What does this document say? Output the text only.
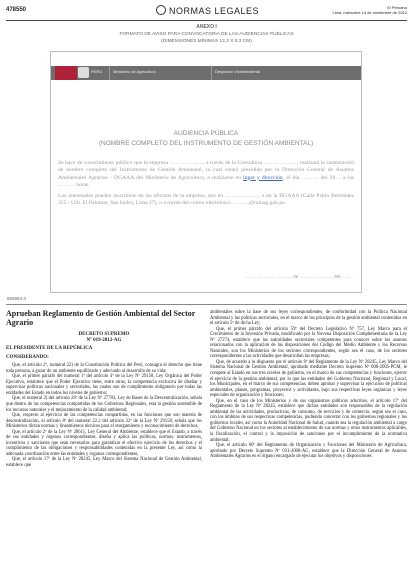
478550	NORMAS LEGALES	El Peruano
Lima, miércoles 14 de noviembre de 2012
ANEXO I
FORMATO DE AVISO PARA CONVOCATORIA DE LAS AUDIENCIAS PÚBLICAS
(DIMENSIONES MÍNIMAS 12.2 X 8.3 CM)
PERÚ	Ministerio de Agricultura	Despacho Viceministerial
AUDIENCIA PÚBLICA
(NOMBRE COMPLETO DEL INSTRUMENTO DE GESTIÓN AMBIENTAL)

Se hace de conocimiento público que la empresa ………………, a través de la Consultora ………………, realizará la sustentación de nombre completo del Instrumento de Gestión Ambiental, la cual estará presidida por la Dirección General de Asuntos Ambientales Agrarios - DGAAA del Ministerio de Agricultura, a realizarse en lugar y dirección, el día ……… del 20… a las ……… horas.

Los interesados pueden inscribirse en las oficinas de la empresa, sito en ………………, o en la DGAAA (Calle Pablo Bermúdez 355 - Urb. El Palomar, San Isidro, Lima 27), o a través del correo electrónico ………@minag.gob.pe.

……………, ……… de ……………… del ……
855953-3

Aprueban Reglamento de Gestión Ambiental del Sector Agrario

DECRETO SUPREMO

Nº 019-2012-AG

EL PRESIDENTE DE LA REPÚBLICA

CONSIDERANDO:

Que, el artículo 2º, numeral 22) de la Constitución Política del Perú, consagra el derecho que tiene toda persona, a gozar de un ambiente equilibrado y adecuado al desarrollo de su vida;

Que, el primer párrafo del numeral 1º del artículo 4º de la Ley Nº 29158, Ley Orgánica del Poder Ejecutivo, establece que el Poder Ejecutivo tiene, entre otras, la competencia exclusiva de diseñar y supervisar políticas nacionales y sectoriales, las cuales son de cumplimiento obligatorio por todas las entidades del Estado en todos los niveles de gobierno;

Que, el numeral 2) del artículo 26º de la Ley Nº 27783, Ley de Bases de la Descentralización, señala que dentro de las competencias compartidas de los Gobiernos Regionales, está la gestión sostenible de los recursos naturales y el mejoramiento de la calidad ambiental;

Que, respecto al ejercicio de las competencias compartidas, en las funciones que son materia de descentralización, el artículo 8º del numeral 22.2 del artículo 22º de la Ley Nº 29158, señala que los Ministerios dictan normas y lineamientos técnicos para el otorgamiento y reconocimiento de derechos;

Que, el artículo 2º de la Ley Nº 28611, Ley General del Ambiente, establece que el Estado, a través de sus entidades y órganos correspondientes, diseña y aplica las políticas, normas, instrumentos, incentivos y sanciones que sean necesarios para garantizar el efectivo ejercicio de los derechos y el cumplimiento de las obligaciones y responsabilidades contenidas en la presente Ley, así como la adecuada coordinación entre las entidades y órganos correspondientes;

Que, el artículo 17º de la Ley Nº 28245, Ley Marco del Sistema Nacional de Gestión Ambiental, establece que

ambientales sobre la base de sus leyes correspondientes, de conformidad con la Política Nacional Ambiental y las políticas sectoriales, en el marco de los principios de la gestión ambiental contenidos en el artículo 5º de dicha Ley;

Que, el primer párrafo del artículo 59º del Decreto Legislativo Nº 757, Ley Marco para el Crecimiento de la Inversión Privada, modificado por la Novena Disposición Complementaria de la Ley Nº 27274, establece que las autoridades sectoriales competentes para conocer sobre los asuntos relacionados con la aplicación de las disposiciones del Código del Medio Ambiente y los Recursos Naturales, son los Ministerios de los sectores correspondientes, según sea el caso, de los sectores correspondientes a las actividades que desarrollan las empresas;

Que, de acuerdo a lo dispuesto por el artículo 8º del Reglamento de la Ley Nº 28245, Ley Marco del Sistema Nacional de Gestión Ambiental, aprobado mediante Decreto Supremo Nº 008-2005-PCM, le compete al Estado en sus tres niveles de gobierno, en el marco de sus competencias y funciones, ejercer el ejercicio de la gestión ambiental, por lo que las entidades del Gobierno Nacional, Regional y Local, los Municipales, en el marco de sus competencias, deben aprobar y supervisar la ejecución de políticas ambientales, planes, programas, proyectos y actividades, bajo sus respectivas leyes orgánicas y leyes especiales de organización y funciones;

Que, en el caso de los Ministerios y de sus organismos públicos adscritos, el artículo 17º del Reglamento de la Ley Nº 28245, establece que dichas entidades son responsables de la regulación ambiental de las actividades, productivas, de consumo, de servicios y de comercio, según sea el caso, con los ámbitos de sus respectivas competencias, pudiendo concertar con los gobiernos regionales y los gobiernos locales, así como la Autoridad Nacional de Salud, cuando sea la regulación ambiental a cargo del Gobierno Nacional en los sectores al establecimiento de sus normas y otros instrumentos aplicables, la fiscalización, el control y la imposición de sanciones por el incumplimiento de la normativa ambiental;

Que, el artículo 60º del Reglamento de Organización y Funciones del Ministerio de Agricultura, aprobado por Decreto Supremo Nº 031-2008-AG, establece que la Dirección General de Asuntos Ambientales Agrarios es el órgano encargado de ejecutar los objetivos y disposiciones
